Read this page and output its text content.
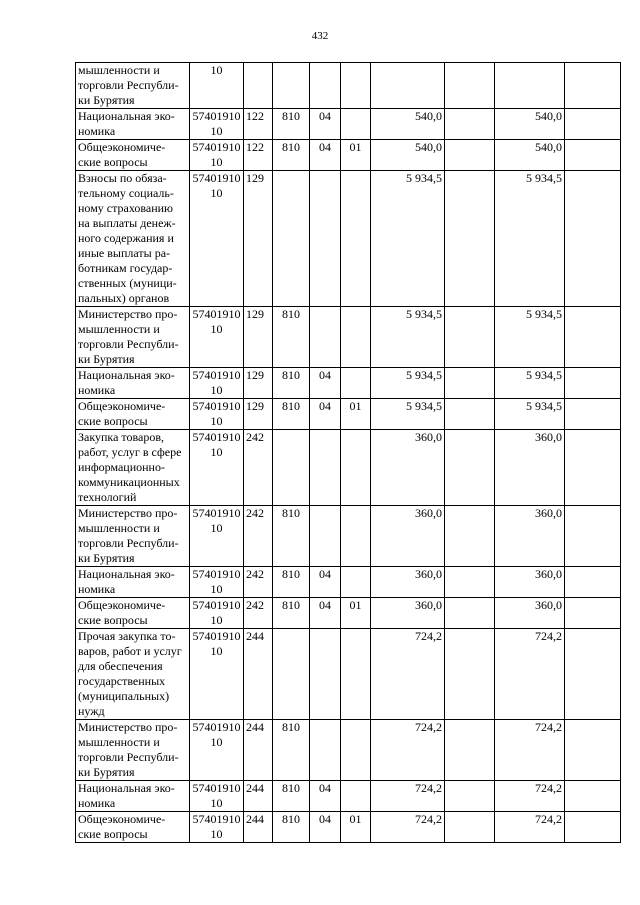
432
мышленности и торговли Республи- ки Бурятия	10								
Национальная эко- номика	57401910 10	122	810	04		540,0		540,0	
Общеэкономиче- ские вопросы	57401910 10	122	810	04	01	540,0		540,0	
Взносы по обяза- тельному социаль- ному страхованию на выплаты денеж- ного содержания и иные выплаты ра- ботникам государ- ственных (муници- пальных) органов	57401910 10	129				5 934,5		5 934,5	
Министерство про- мышленности и торговли Республи- ки Бурятия	57401910 10	129	810			5 934,5		5 934,5	
Национальная эко- номика	57401910 10	129	810	04		5 934,5		5 934,5	
Общеэкономиче- ские вопросы	57401910 10	129	810	04	01	5 934,5		5 934,5	
Закупка товаров, работ, услуг в сфере информационно- коммуникационных технологий	57401910 10	242				360,0		360,0	
Министерство про- мышленности и торговли Республи- ки Бурятия	57401910 10	242	810			360,0		360,0	
Национальная эко- номика	57401910 10	242	810	04		360,0		360,0	
Общеэкономиче- ские вопросы	57401910 10	242	810	04	01	360,0		360,0	
Прочая закупка то- варов, работ и услуг для обеспечения государственных (муниципальных) нужд	57401910 10	244				724,2		724,2	
Министерство про- мышленности и торговли Республи- ки Бурятия	57401910 10	244	810			724,2		724,2	
Национальная эко- номика	57401910 10	244	810	04		724,2		724,2	
Общеэкономиче- ские вопросы	57401910 10	244	810	04	01	724,2		724,2	
